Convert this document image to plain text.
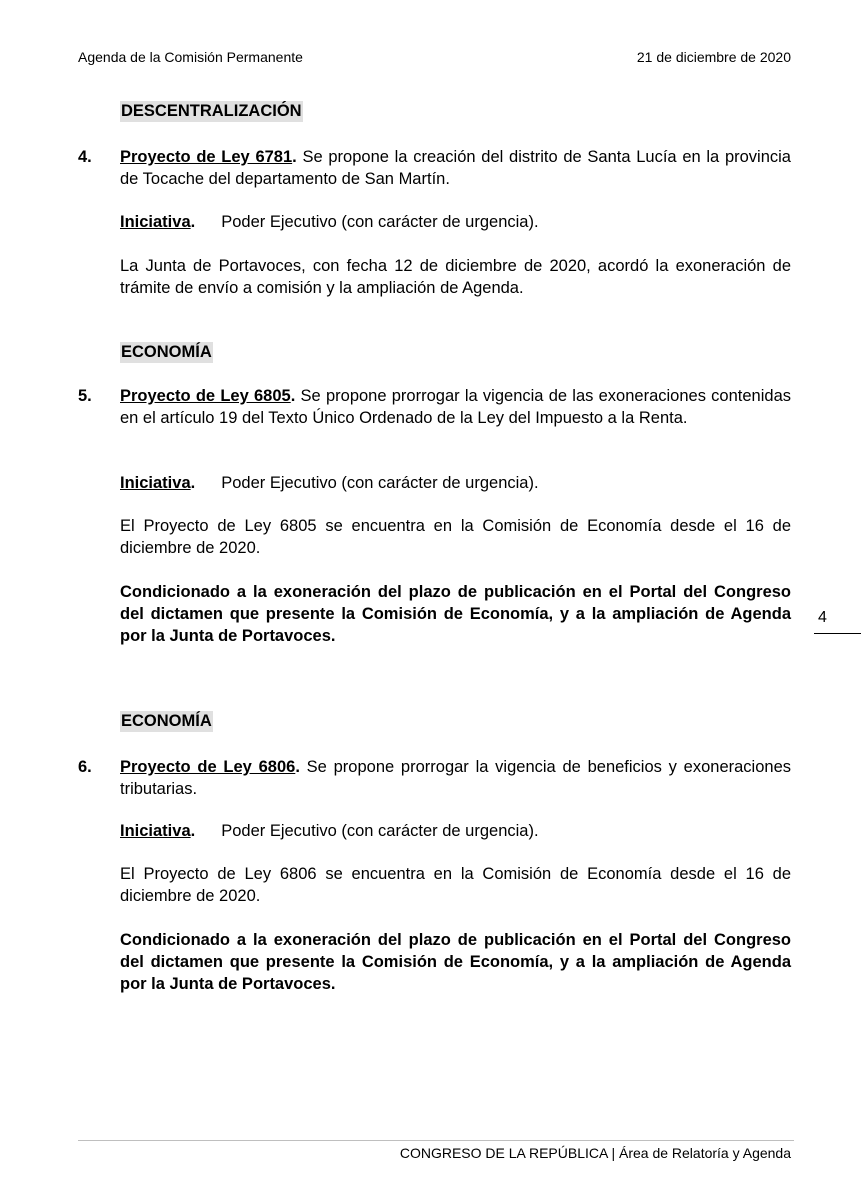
Agenda de la Comisión Permanente	21 de diciembre de 2020
DESCENTRALIZACIÓN
4. Proyecto de Ley 6781. Se propone la creación del distrito de Santa Lucía en la provincia de Tocache del departamento de San Martín.
Iniciativa. Poder Ejecutivo (con carácter de urgencia).
La Junta de Portavoces, con fecha 12 de diciembre de 2020, acordó la exoneración de trámite de envío a comisión y la ampliación de Agenda.
ECONOMÍA
5. Proyecto de Ley 6805. Se propone prorrogar la vigencia de las exoneraciones contenidas en el artículo 19 del Texto Único Ordenado de la Ley del Impuesto a la Renta.
Iniciativa. Poder Ejecutivo (con carácter de urgencia).
El Proyecto de Ley 6805 se encuentra en la Comisión de Economía desde el 16 de diciembre de 2020.
Condicionado a la exoneración del plazo de publicación en el Portal del Congreso del dictamen que presente la Comisión de Economía, y a la ampliación de Agenda por la Junta de Portavoces.
ECONOMÍA
6. Proyecto de Ley 6806. Se propone prorrogar la vigencia de beneficios y exoneraciones tributarias.
Iniciativa. Poder Ejecutivo (con carácter de urgencia).
El Proyecto de Ley 6806 se encuentra en la Comisión de Economía desde el 16 de diciembre de 2020.
Condicionado a la exoneración del plazo de publicación en el Portal del Congreso del dictamen que presente la Comisión de Economía, y a la ampliación de Agenda por la Junta de Portavoces.
4
CONGRESO DE LA REPÚBLICA | Área de Relatoría y Agenda
